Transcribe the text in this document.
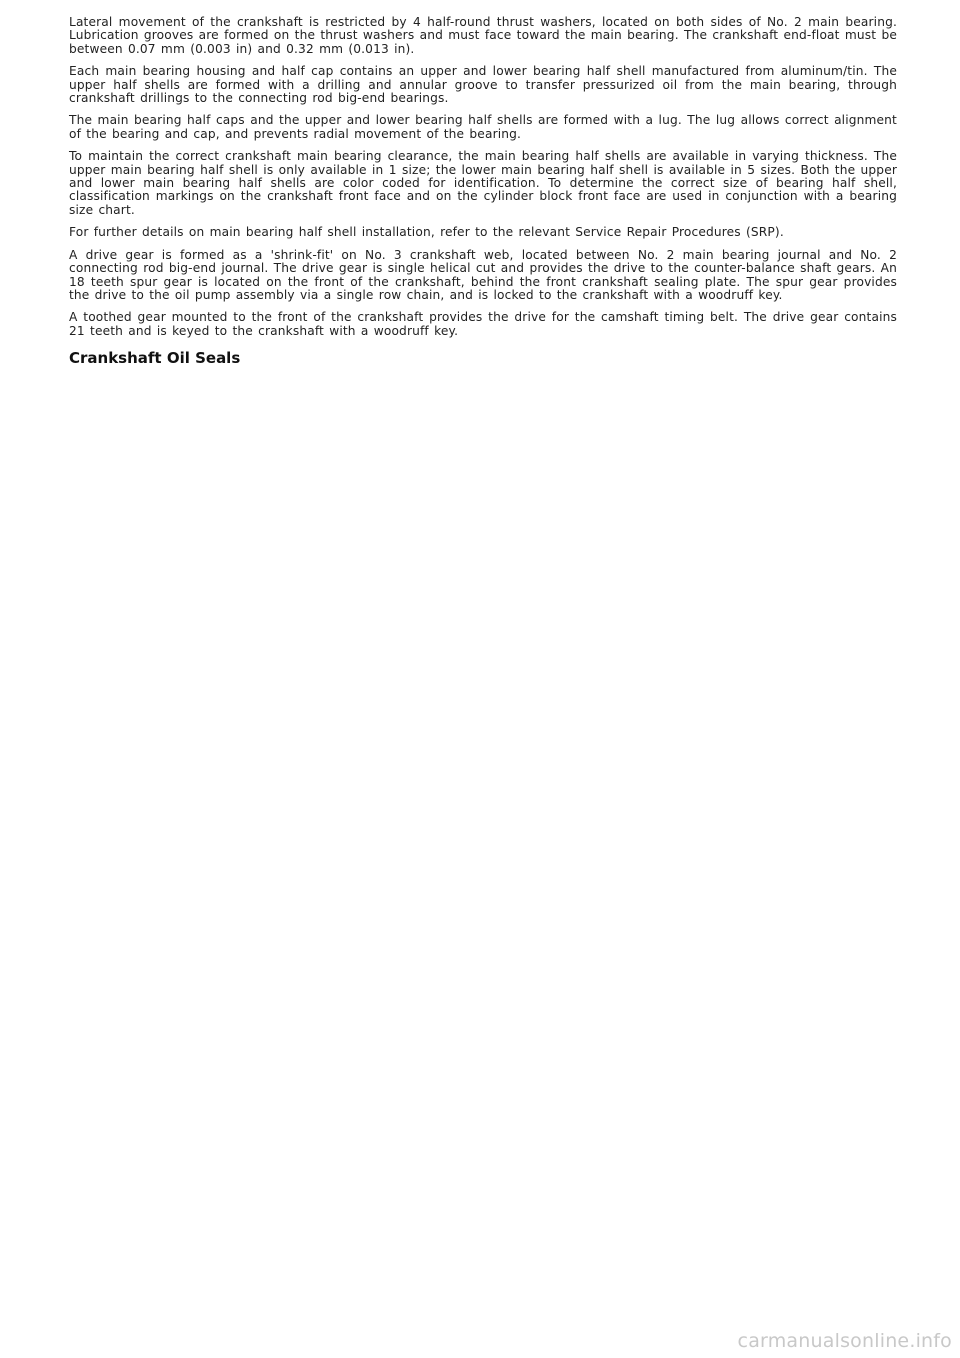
Lateral movement of the crankshaft is restricted by 4 half-round thrust washers, located on both sides of No. 2 main bearing. Lubrication grooves are formed on the thrust washers and must face toward the main bearing. The crankshaft end-float must be between 0.07 mm (0.003 in) and 0.32 mm (0.013 in).

Each main bearing housing and half cap contains an upper and lower bearing half shell manufactured from aluminum/tin. The upper half shells are formed with a drilling and annular groove to transfer pressurized oil from the main bearing, through crankshaft drillings to the connecting rod big-end bearings.

The main bearing half caps and the upper and lower bearing half shells are formed with a lug. The lug allows correct alignment of the bearing and cap, and prevents radial movement of the bearing.

To maintain the correct crankshaft main bearing clearance, the main bearing half shells are available in varying thickness. The upper main bearing half shell is only available in 1 size; the lower main bearing half shell is available in 5 sizes. Both the upper and lower main bearing half shells are color coded for identification. To determine the correct size of bearing half shell, classification markings on the crankshaft front face and on the cylinder block front face are used in conjunction with a bearing size chart.

For further details on main bearing half shell installation, refer to the relevant Service Repair Procedures (SRP).

A drive gear is formed as a 'shrink-fit' on No. 3 crankshaft web, located between No. 2 main bearing journal and No. 2 connecting rod big-end journal. The drive gear is single helical cut and provides the drive to the counter-balance shaft gears. An 18 teeth spur gear is located on the front of the crankshaft, behind the front crankshaft sealing plate. The spur gear provides the drive to the oil pump assembly via a single row chain, and is locked to the crankshaft with a woodruff key.

A toothed gear mounted to the front of the crankshaft provides the drive for the camshaft timing belt. The drive gear contains 21 teeth and is keyed to the crankshaft with a woodruff key.

Crankshaft Oil Seals
carmanualsonline.info
